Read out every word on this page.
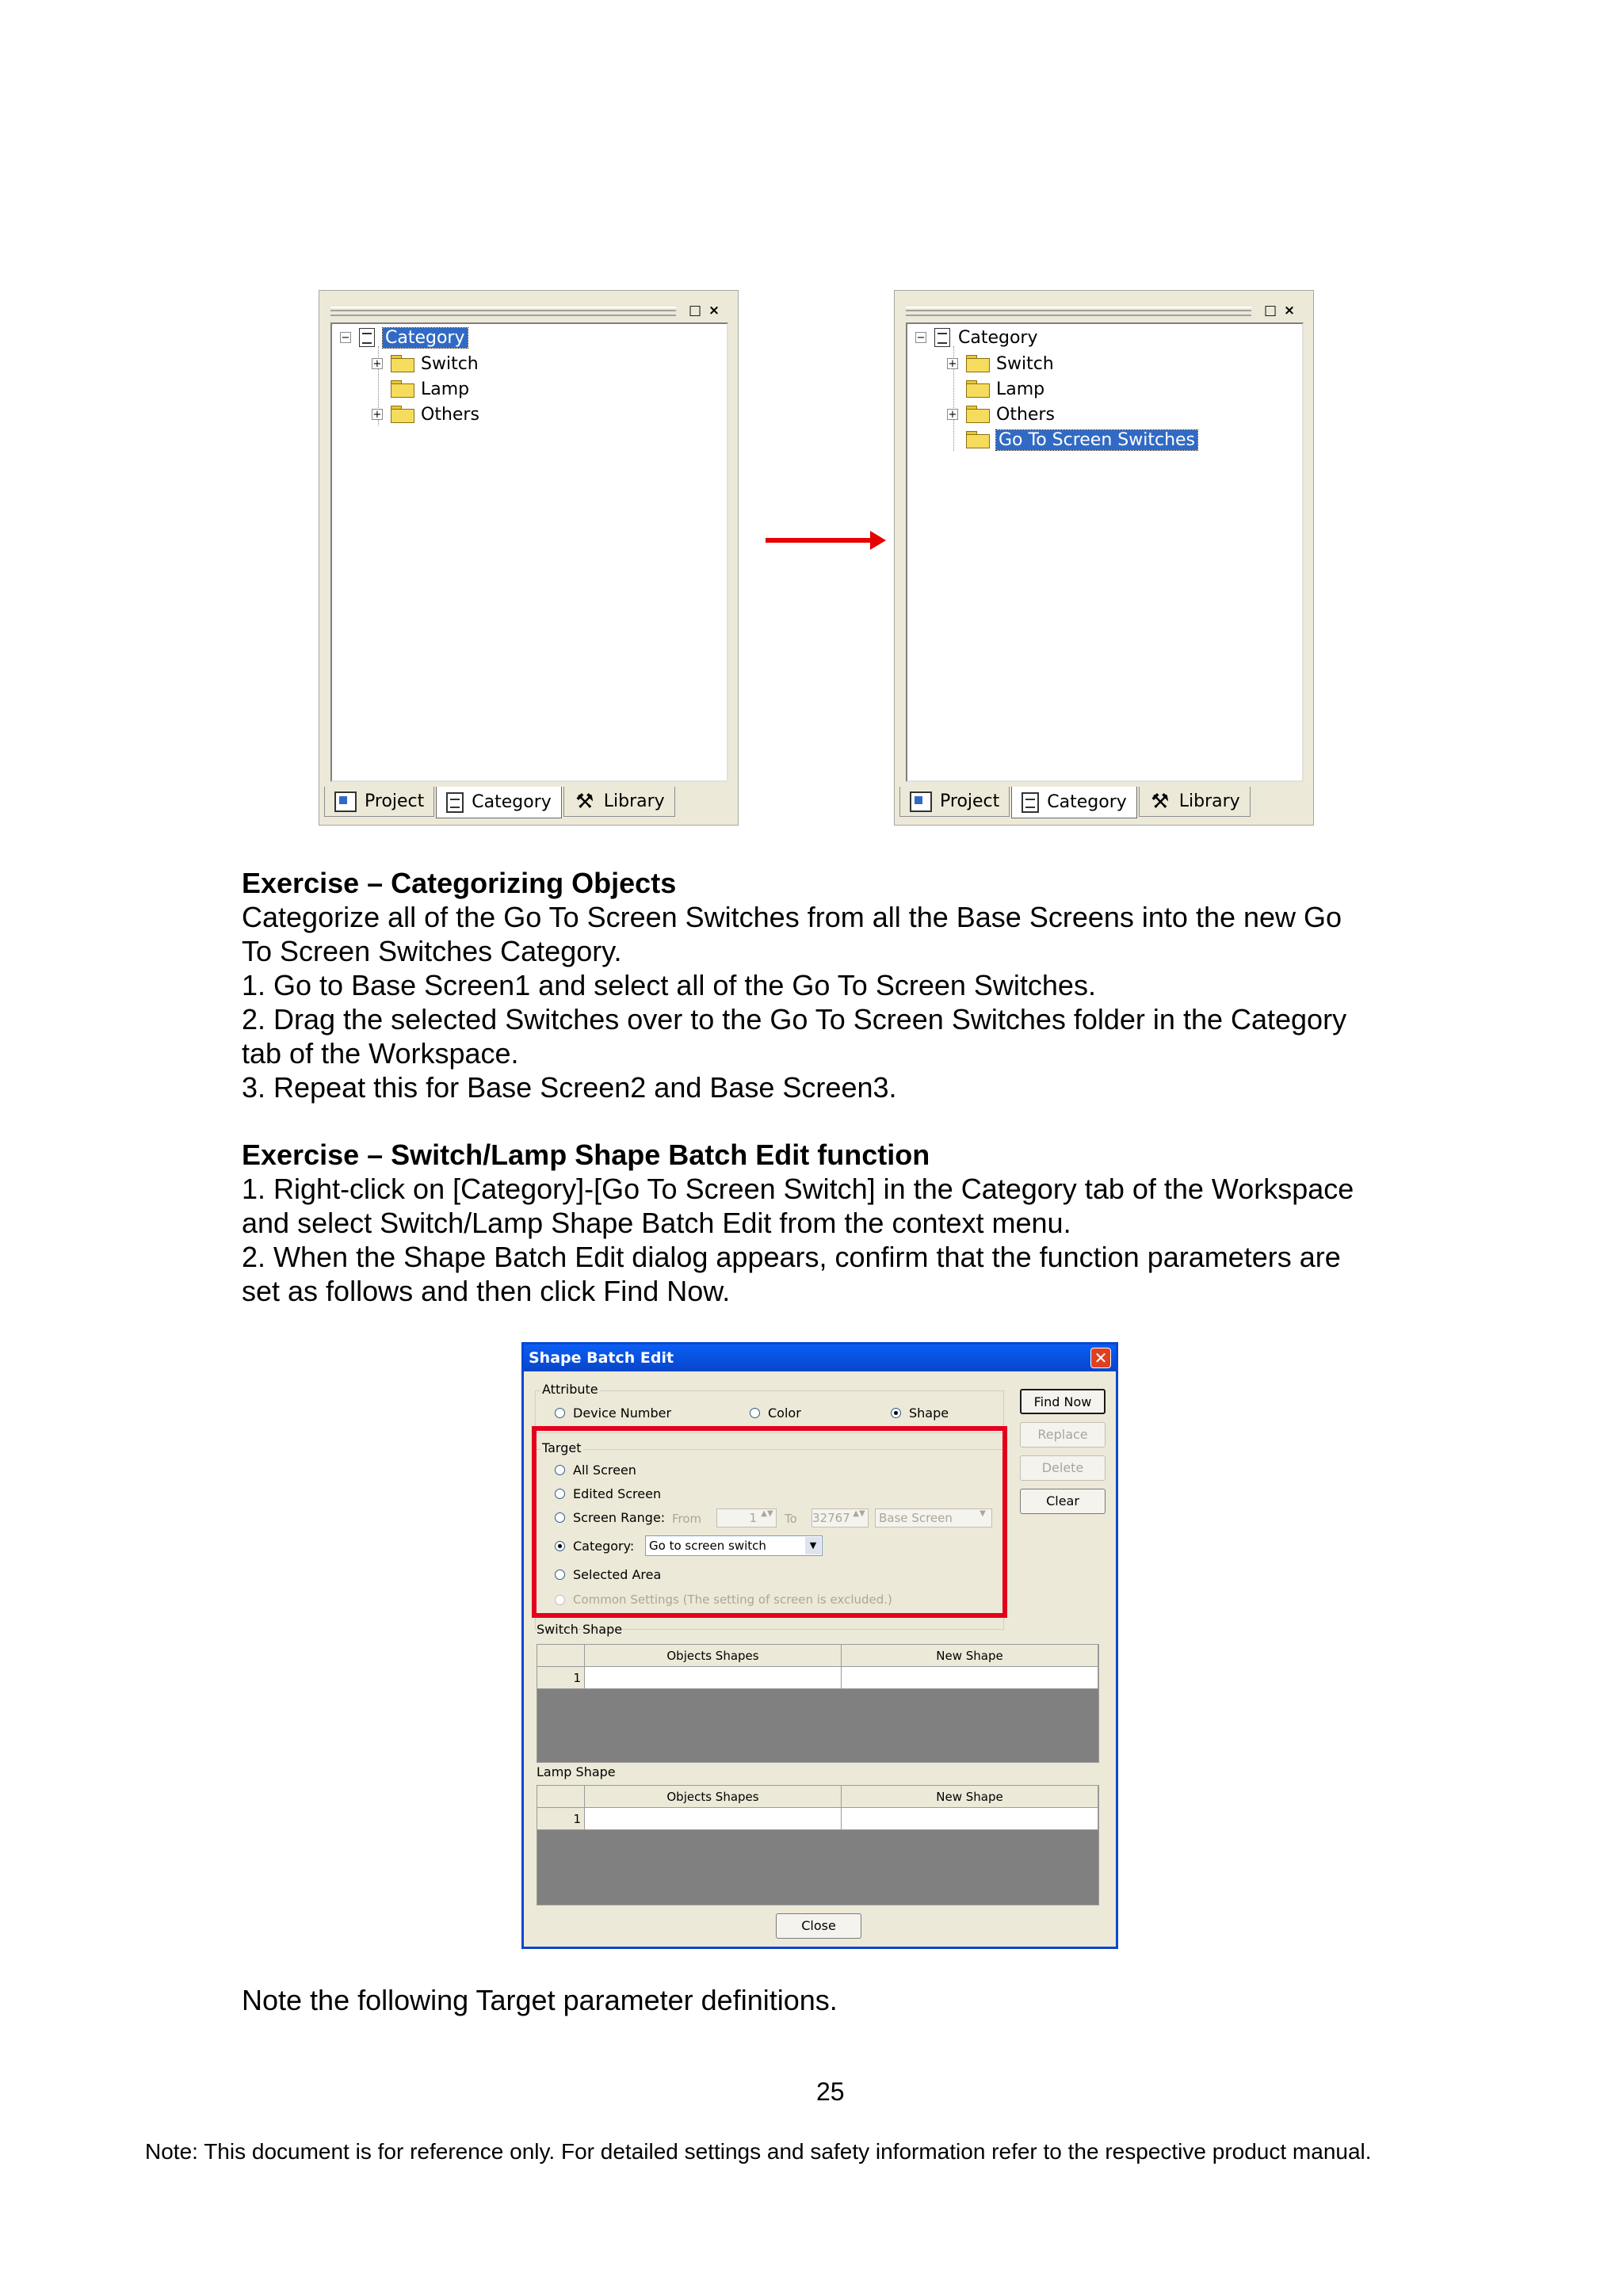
□ ×
− Category
+ Switch
Lamp
+ Others
Project	Category ⚒ Library
□ ×
− Category
+ Switch
Lamp
+ Others
Go To Screen Switches
Project	Category ⚒ Library

Exercise – Categorizing Objects

Categorize all of the Go To Screen Switches from all the Base Screens into the new Go

To Screen Switches Category.

1. Go to Base Screen1 and select all of the Go To Screen Switches.

2. Drag the selected Switches over to the Go To Screen Switches folder in the Category

tab of the Workspace.

3. Repeat this for Base Screen2 and Base Screen3.

Exercise – Switch/Lamp Shape Batch Edit function

1. Right-click on [Category]-[Go To Screen Switch] in the Category tab of the Workspace

and select Switch/Lamp Shape Batch Edit from the context menu.

2. When the Shape Batch Edit dialog appears, confirm that the function parameters are

set as follows and then click Find Now.

Shape Batch Edit	✕
Attribute
Device Number	Color	Shape
Target
All Screen
Edited Screen
Screen Range: From	1 ▲▼ To 32767 ▲▼	Base Screen	▼
Category:	Go to screen switch	▼
Selected Area
Common Settings (The setting of screen is excluded.)
Find Now
Replace
Delete
Clear
Switch Shape
Objects Shapes	New Shape
1
Lamp Shape
Objects Shapes	New Shape
1
Close

Note the following Target parameter definitions.

25
Note: This document is for reference only. For detailed settings and safety information refer to the respective product manual.
